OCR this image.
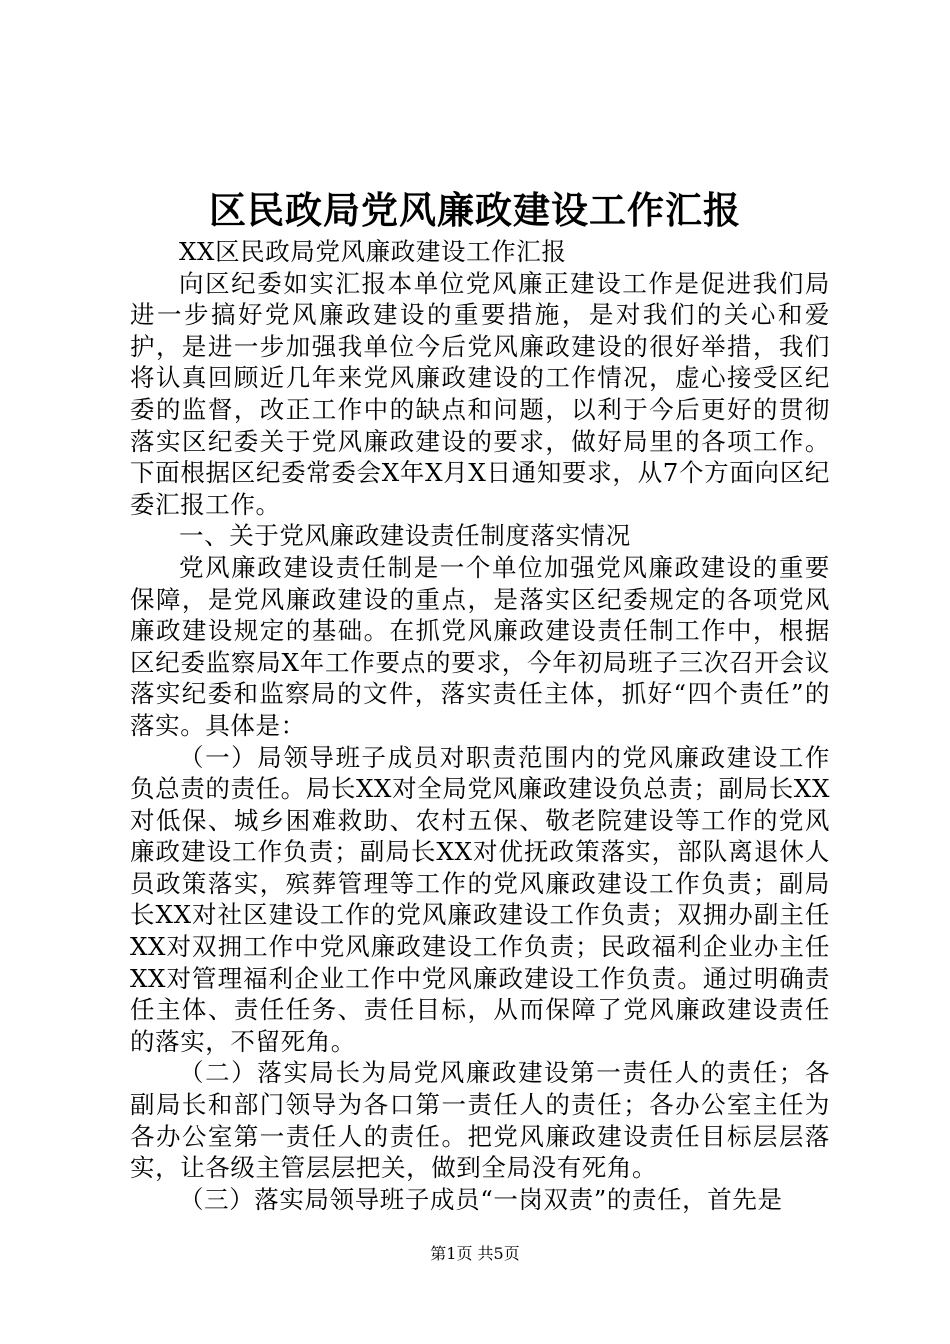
区民政局党风廉政建设工作汇报

XX区民政局党风廉政建设工作汇报

向区纪委如实汇报本单位党风廉正建设工作是促进我们局进一步搞好党风廉政建设的重要措施，是对我们的关心和爱护，是进一步加强我单位今后党风廉政建设的很好举措，我们将认真回顾近几年来党风廉政建设的工作情况，虚心接受区纪委的监督，改正工作中的缺点和问题，以利于今后更好的贯彻落实区纪委关于党风廉政建设的要求，做好局里的各项工作。下面根据区纪委常委会X年X月X日通知要求，从7个方面向区纪委汇报工作。

一、关于党风廉政建设责任制度落实情况

党风廉政建设责任制是一个单位加强党风廉政建设的重要保障，是党风廉政建设的重点，是落实区纪委规定的各项党风廉政建设规定的基础。在抓党风廉政建设责任制工作中，根据区纪委监察局X年工作要点的要求，今年初局班子三次召开会议落实纪委和监察局的文件，落实责任主体，抓好“四个责任”的落实。具体是：

（一）局领导班子成员对职责范围内的党风廉政建设工作负总责的责任。局长XX对全局党风廉政建设负总责；副局长XX对低保、城乡困难救助、农村五保、敬老院建设等工作的党风廉政建设工作负责；副局长XX对优抚政策落实，部队离退休人员政策落实，殡葬管理等工作的党风廉政建设工作负责；副局长XX对社区建设工作的党风廉政建设工作负责；双拥办副主任XX对双拥工作中党风廉政建设工作负责；民政福利企业办主任XX对管理福利企业工作中党风廉政建设工作负责。通过明确责任主体、责任任务、责任目标，从而保障了党风廉政建设责任的落实，不留死角。

（二）落实局长为局党风廉政建设第一责任人的责任；各副局长和部门领导为各口第一责任人的责任；各办公室主任为各办公室第一责任人的责任。把党风廉政建设责任目标层层落实，让各级主管层层把关，做到全局没有死角。

（三）落实局领导班子成员“一岗双责”的责任，首先是

第1页 共5页
